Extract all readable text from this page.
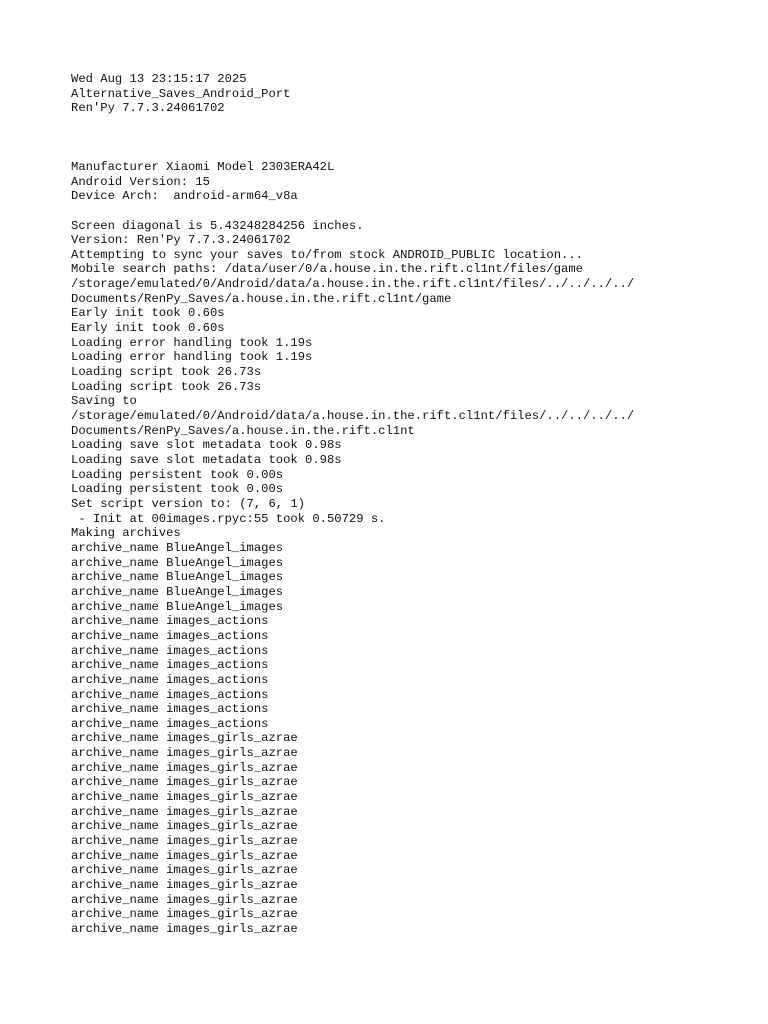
Wed Aug 13 23:15:17 2025
Alternative_Saves_Android_Port
Ren'Py 7.7.3.24061702
Manufacturer Xiaomi Model 2303ERA42L
Android Version: 15
Device Arch:  android-arm64_v8a
Screen diagonal is 5.43248284256 inches.
Version: Ren'Py 7.7.3.24061702
Attempting to sync your saves to/from stock ANDROID_PUBLIC location...
Mobile search paths: /data/user/0/a.house.in.the.rift.cl1nt/files/game
/storage/emulated/0/Android/data/a.house.in.the.rift.cl1nt/files/../../../../
Documents/RenPy_Saves/a.house.in.the.rift.cl1nt/game
Early init took 0.60s
Early init took 0.60s
Loading error handling took 1.19s
Loading error handling took 1.19s
Loading script took 26.73s
Loading script took 26.73s
Saving to
/storage/emulated/0/Android/data/a.house.in.the.rift.cl1nt/files/../../../../
Documents/RenPy_Saves/a.house.in.the.rift.cl1nt
Loading save slot metadata took 0.98s
Loading save slot metadata took 0.98s
Loading persistent took 0.00s
Loading persistent took 0.00s
Set script version to: (7, 6, 1)
- Init at 00images.rpyc:55 took 0.50729 s.
Making archives
archive_name BlueAngel_images
archive_name BlueAngel_images
archive_name BlueAngel_images
archive_name BlueAngel_images
archive_name BlueAngel_images
archive_name images_actions
archive_name images_actions
archive_name images_actions
archive_name images_actions
archive_name images_actions
archive_name images_actions
archive_name images_actions
archive_name images_actions
archive_name images_girls_azrae
archive_name images_girls_azrae
archive_name images_girls_azrae
archive_name images_girls_azrae
archive_name images_girls_azrae
archive_name images_girls_azrae
archive_name images_girls_azrae
archive_name images_girls_azrae
archive_name images_girls_azrae
archive_name images_girls_azrae
archive_name images_girls_azrae
archive_name images_girls_azrae
archive_name images_girls_azrae
archive_name images_girls_azrae
